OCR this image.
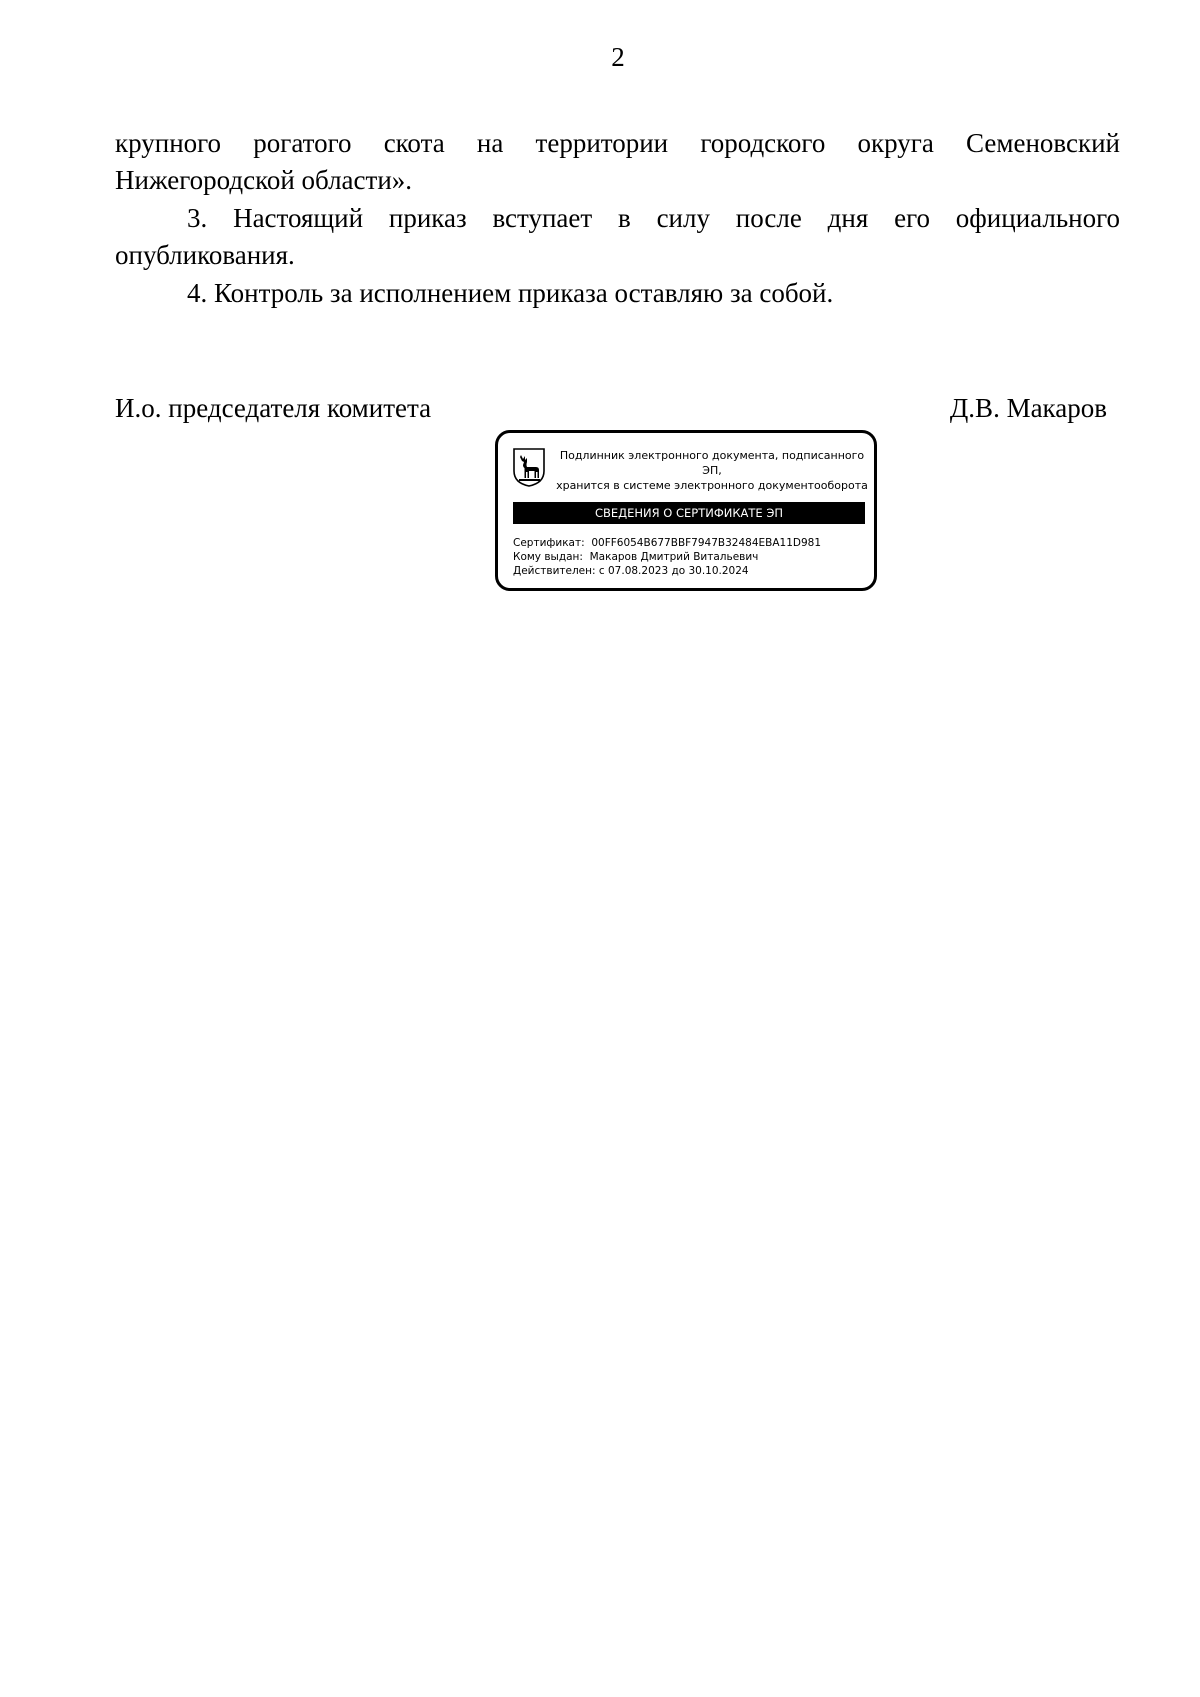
2

крупного рогатого скота на территории городского округа Семеновский Нижегородской области».

3. Настоящий приказ вступает в силу после дня его официального опубликования.

4. Контроль за исполнением приказа оставляю за собой.

И.о. председателя комитета	Д.В. Макаров
Подлинник электронного документа, подписанного ЭП,
хранится в системе электронного документооборота
СВЕДЕНИЯ О СЕРТИФИКАТЕ ЭП
Сертификат: 00FF6054B677BBF7947B32484EBA11D981
Кому выдан: Макаров Дмитрий Витальевич
Действителен: с 07.08.2023 до 30.10.2024
